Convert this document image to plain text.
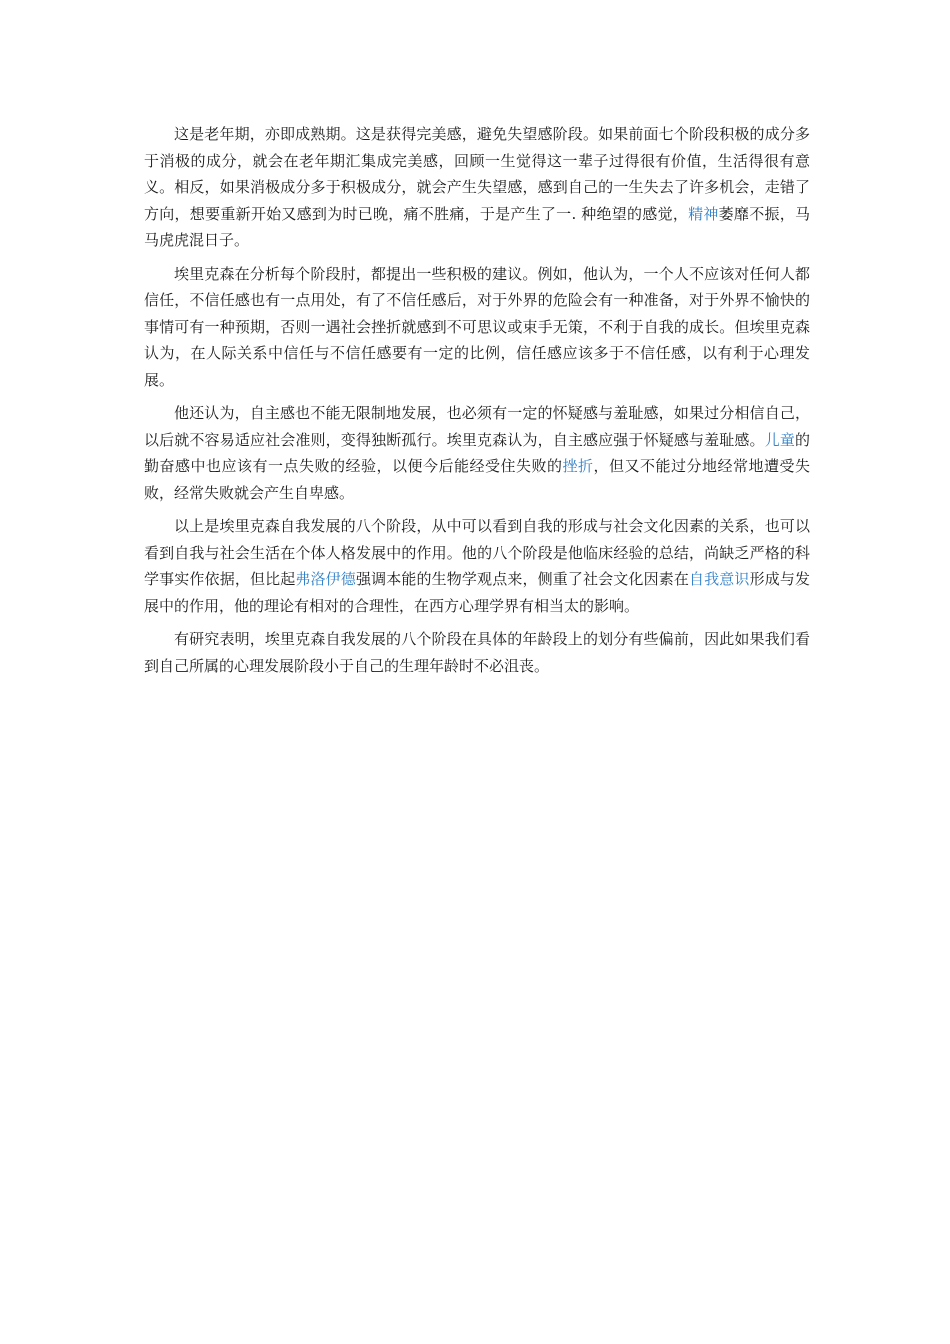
这是老年期，亦即成熟期。这是获得完美感，避免失望感阶段。如果前面七个阶段积极的成分多于消极的成分，就会在老年期汇集成完美感，回顾一生觉得这一辈子过得很有价值，生活得很有意义。相反，如果消极成分多于积极成分，就会产生失望感，感到自己的一生失去了许多机会，走错了方向，想要重新开始又感到为时已晚，痛不胜痛，于是产生了一. 种绝望的感觉，精神萎靡不振，马马虎虎混日子。

埃里克森在分析每个阶段肘，都提出一些积极的建议。例如，他认为，一个人不应该对任何人都信任，不信任感也有一点用处，有了不信任感后，对于外界的危险会有一种准备，对于外界不愉快的事情可有一种预期，否则一遇社会挫折就感到不可思议或束手无策，不利于自我的成长。但埃里克森认为，在人际关系中信任与不信任感要有一定的比例，信任感应该多于不信任感，以有利于心理发展。

他还认为，自主感也不能无限制地发展，也必须有一定的怀疑感与羞耻感，如果过分相信自己，以后就不容易适应社会准则，变得独断孤行。埃里克森认为，自主感应强于怀疑感与羞耻感。儿童的勤奋感中也应该有一点失败的经验，以便今后能经受住失败的挫折，但又不能过分地经常地遭受失败，经常失败就会产生自卑感。

以上是埃里克森自我发展的八个阶段，从中可以看到自我的形成与社会文化因素的关系，也可以看到自我与社会生活在个体人格发展中的作用。他的八个阶段是他临床经验的总结，尚缺乏严格的科学事实作依据，但比起弗洛伊德强调本能的生物学观点来，侧重了社会文化因素在自我意识形成与发展中的作用，他的理论有相对的合理性，在西方心理学界有相当太的影响。

有研究表明，埃里克森自我发展的八个阶段在具体的年龄段上的划分有些偏前，因此如果我们看到自己所属的心理发展阶段小于自己的生理年龄时不必沮丧。
